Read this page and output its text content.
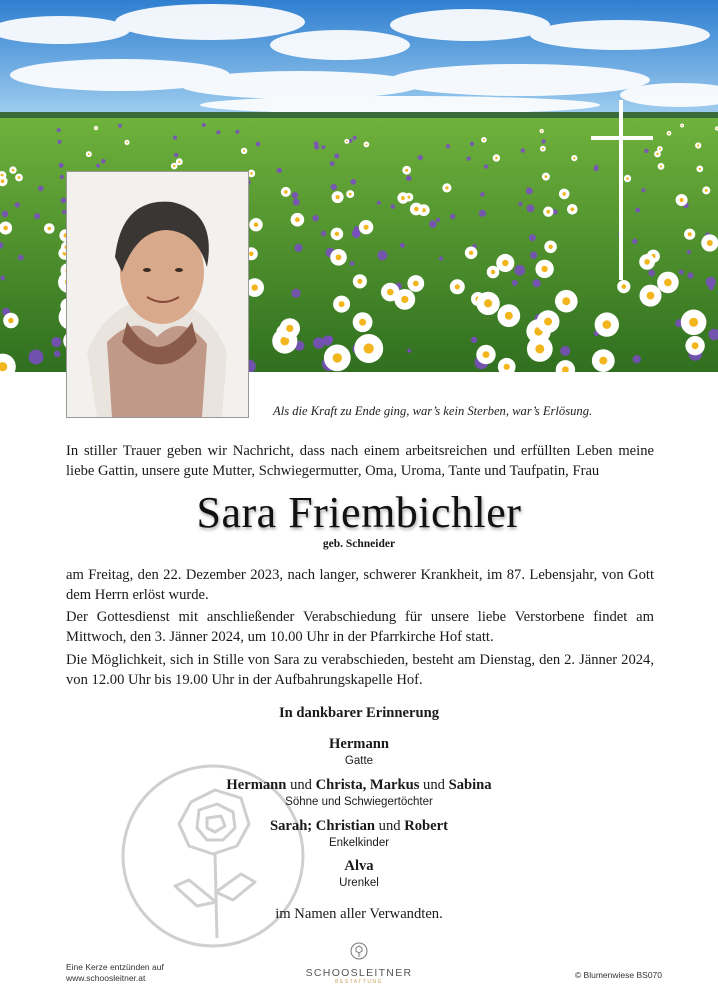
Als die Kraft zu Ende ging, war’s kein Sterben, war’s Erlösung.

In stiller Trauer geben wir Nachricht, dass nach einem arbeitsreichen und erfüllten Leben meine liebe Gattin, unsere gute Mutter, Schwiegermutter, Oma, Uroma, Tante und Taufpatin, Frau

Sara Friembichler
geb. Schneider

am Freitag, den 22. Dezember 2023, nach langer, schwerer Krankheit, im 87. Lebensjahr, von Gott dem Herrn erlöst wurde.

Der Gottesdienst mit anschließender Verabschiedung für unsere liebe Verstorbene findet am Mittwoch, den 3. Jänner 2024, um 10.00 Uhr in der Pfarrkirche Hof statt.

Die Möglichkeit, sich in Stille von Sara zu verabschieden, besteht am Dienstag, den 2. Jänner 2024, von 12.00 Uhr bis 19.00 Uhr in der Aufbahrungskapelle Hof.

In dankbarer Erinnerung
Hermann
Gatte
Hermann und Christa, Markus und Sabina
Söhne und Schwiegertöchter
Sarah; Christian und Robert
Enkelkinder
Alva
Urenkel
im Namen aller Verwandten.
Eine Kerze entzünden auf
www.schoosleitner.at	SCHOOSLEITNER
BESTATTUNG
© Blumenwiese BS070
